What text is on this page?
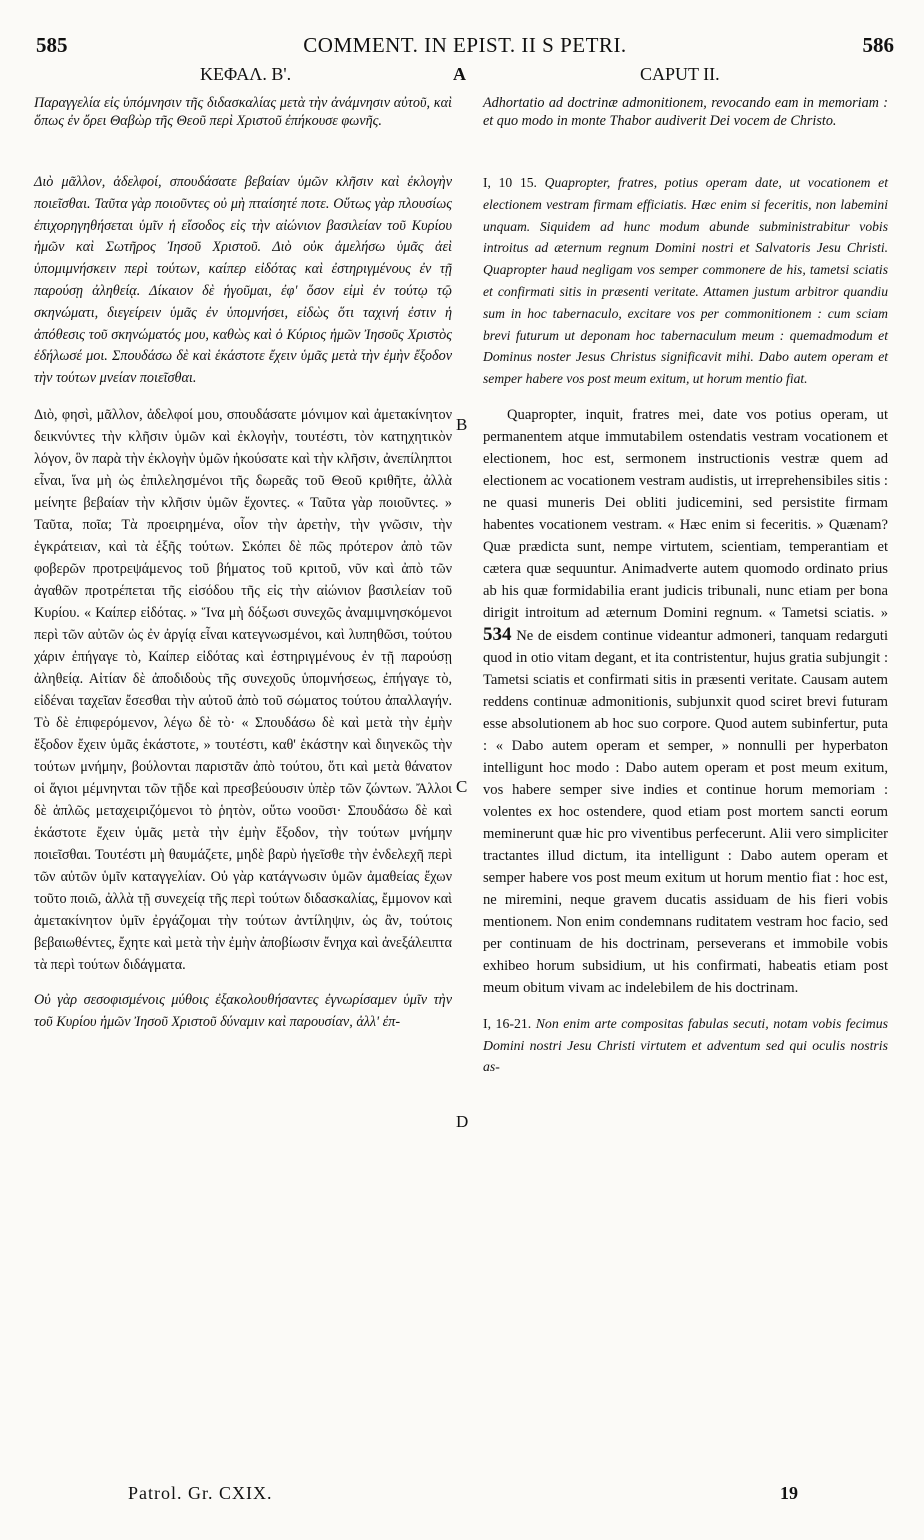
585	COMMENT. IN EPIST. II S PETRI.	586
ΚΕΦΑΛ. Β'.	A	CAPUT II.

Παραγγελία εἰς ὑπόμνησιν τῆς διδασκαλίας μετὰ τὴν ἀνάμνησιν αὐτοῦ, καὶ ὅπως ἐν ὄρει Θαβὼρ τῆς Θεοῦ περὶ Χριστοῦ ἐπήκουσε φωνῆς.

Διὸ μᾶλλον, ἀδελφοί, σπουδάσατε βεβαίαν ὑμῶν κλῆσιν καὶ ἐκλογὴν ποιεῖσθαι. Ταῦτα γὰρ ποιοῦντες οὐ μὴ πταίσητέ ποτε. Οὕτως γὰρ πλουσίως ἐπιχορηγηθήσεται ὑμῖν ἡ εἴσοδος εἰς τὴν αἰώνιον βασιλείαν τοῦ Κυρίου ἡμῶν καὶ Σωτῆρος Ἰησοῦ Χριστοῦ. Διὸ οὐκ ἀμελήσω ὑμᾶς ἀεὶ ὑπομιμνήσκειν περὶ τούτων, καίπερ εἰδότας καὶ ἐστηριγμένους ἐν τῇ παρούσῃ ἀληθείᾳ. Δίκαιον δὲ ἡγοῦμαι, ἐφ' ὅσον εἰμὶ ἐν τούτῳ τῷ σκηνώματι, διεγείρειν ὑμᾶς ἐν ὑπομνήσει, εἰδὼς ὅτι ταχινή ἐστιν ἡ ἀπόθεσις τοῦ σκηνώματός μου, καθὼς καὶ ὁ Κύριος ἡμῶν Ἰησοῦς Χριστὸς ἐδήλωσέ μοι. Σπουδάσω δὲ καὶ ἑκάστοτε ἔχειν ὑμᾶς μετὰ τὴν ἐμὴν ἔξοδον τὴν τούτων μνείαν ποιεῖσθαι.

Διὸ, φησὶ, μᾶλλον, ἀδελφοί μου, σπουδάσατε μόνιμον καὶ ἀμετακίνητον δεικνύντες τὴν κλῆσιν ὑμῶν καὶ ἐκλογὴν, τουτέστι, τὸν κατηχητικὸν λόγον, ὃν παρὰ τὴν ἐκλογὴν ὑμῶν ἠκούσατε καὶ τὴν κλῆσιν, ἀνεπίληπτοι εἶναι, ἵνα μὴ ὡς ἐπιλελησμένοι τῆς δωρεᾶς τοῦ Θεοῦ κριθῆτε, ἀλλὰ μείνητε βεβαίαν τὴν κλῆσιν ὑμῶν ἔχοντες. « Ταῦτα γὰρ ποιοῦντες. » Ταῦτα, ποῖα; Τὰ προειρημένα, οἷον τὴν ἀρετὴν, τὴν γνῶσιν, τὴν ἐγκράτειαν, καὶ τὰ ἑξῆς τούτων. Σκόπει δὲ πῶς πρότερον ἀπὸ τῶν φοβερῶν προτρεψάμενος τοῦ βήματος τοῦ κριτοῦ, νῦν καὶ ἀπὸ τῶν ἀγαθῶν προτρέπεται τῆς εἰσόδου τῆς εἰς τὴν αἰώνιον βασιλείαν τοῦ Κυρίου. « Καίπερ εἰδότας. » Ἵνα μὴ δόξωσι συνεχῶς ἀναμιμνησκόμενοι περὶ τῶν αὐτῶν ὡς ἐν ἀργίᾳ εἶναι κατεγνωσμένοι, καὶ λυπηθῶσι, τούτου χάριν ἐπήγαγε τὸ, Καίπερ εἰδότας καὶ ἐστηριγμένους ἐν τῇ παρούσῃ ἀληθείᾳ. Αἰτίαν δὲ ἀποδιδοὺς τῆς συνεχοῦς ὑπομνήσεως, ἐπήγαγε τὸ, εἰδέναι ταχεῖαν ἔσεσθαι τὴν αὐτοῦ ἀπὸ τοῦ σώματος τούτου ἀπαλλαγήν. Τὸ δὲ ἐπιφερόμενον, λέγω δὲ τὸ· « Σπουδάσω δὲ καὶ μετὰ τὴν ἐμὴν ἔξοδον ἔχειν ὑμᾶς ἑκάστοτε, » τουτέστι, καθ' ἑκάστην καὶ διηνεκῶς τὴν τούτων μνήμην, βούλονται παριστᾶν ἀπὸ τούτου, ὅτι καὶ μετὰ θάνατον οἱ ἅγιοι μέμνηνται τῶν τῇδε καὶ πρεσβεύουσιν ὑπὲρ τῶν ζώντων. Ἄλλοι δὲ ἁπλῶς μεταχειριζόμενοι τὸ ῥητὸν, οὕτω νοοῦσι· Σπουδάσω δὲ καὶ ἑκάστοτε ἔχειν ὑμᾶς μετὰ τὴν ἐμὴν ἔξοδον, τὴν τούτων μνήμην ποιεῖσθαι. Τουτέστι μὴ θαυμάζετε, μηδὲ βαρὺ ἡγεῖσθε τὴν ἐνδελεχῆ περὶ τῶν αὐτῶν ὑμῖν καταγγελίαν. Οὐ γὰρ κατάγνωσιν ὑμῶν ἀμαθείας ἔχων τοῦτο ποιῶ, ἀλλὰ τῇ συνεχείᾳ τῆς περὶ τούτων διδασκαλίας, ἔμμονον καὶ ἀμετακίνητον ὑμῖν ἐργάζομαι τὴν τούτων ἀντίληψιν, ὡς ἂν, τούτοις βεβαιωθέντες, ἔχητε καὶ μετὰ τὴν ἐμὴν ἀποβίωσιν ἔνηχα καὶ ἀνεξάλειπτα τὰ περὶ τούτων διδάγματα.

Οὐ γὰρ σεσοφισμένοις μύθοις ἐξακολουθήσαντες ἐγνωρίσαμεν ὑμῖν τὴν τοῦ Κυρίου ἡμῶν Ἰησοῦ Χριστοῦ δύναμιν καὶ παρουσίαν, ἀλλ' ἐπ-

Adhortatio ad doctrinæ admonitionem, revocando eam in memoriam : et quo modo in monte Thabor audiverit Dei vocem de Christo.

I, 10 15. Quapropter, fratres, potius operam date, ut vocationem et electionem vestram firmam efficiatis. Hæc enim si feceritis, non labemini unquam. Siquidem ad hunc modum abunde subministrabitur vobis introitus ad æternum regnum Domini nostri et Salvatoris Jesu Christi. Quapropter haud negligam vos semper commonere de his, tametsi sciatis et confirmati sitis in præsenti veritate. Attamen justum arbitror quandiu sum in hoc tabernaculo, excitare vos per commonitionem : cum sciam brevi futurum ut deponam hoc tabernaculum meum : quemadmodum et Dominus noster Jesus Christus significavit mihi. Dabo autem operam et semper habere vos post meum exitum, ut horum mentio fiat.

Quapropter, inquit, fratres mei, date vos potius operam, ut permanentem atque immutabilem ostendatis vestram vocationem et electionem, hoc est, sermonem instructionis vestræ quem ad electionem ac vocationem vestram audistis, ut irreprehensibiles sitis : ne quasi muneris Dei obliti judicemini, sed persistite firmam habentes vocationem vestram. « Hæc enim si feceritis. » Quænam? Quæ prædicta sunt, nempe virtutem, scientiam, temperantiam et cætera quæ sequuntur. Animadverte autem quomodo ordinato prius ab his quæ formidabilia erant judicis tribunali, nunc etiam per bona dirigit introitum ad æternum Domini regnum. « Tametsi sciatis. » 534 Ne de eisdem continue videantur admoneri, tanquam redarguti quod in otio vitam degant, et ita contristentur, hujus gratia subjungit : Tametsi sciatis et confirmati sitis in præsenti veritate. Causam autem reddens continuæ admonitionis, subjunxit quod sciret brevi futuram esse absolutionem ab hoc suo corpore. Quod autem subinfertur, puta : « Dabo autem operam et semper, » nonnulli per hyperbaton intelligunt hoc modo : Dabo autem operam et post meum exitum, vos habere semper sive indies et continue horum memoriam : volentes ex hoc ostendere, quod etiam post mortem sancti eorum meminerunt quæ hic pro viventibus perfecerunt. Alii vero simpliciter tractantes illud dictum, ita intelligunt : Dabo autem operam et semper habere vos post meum exitum ut horum mentio fiat : hoc est, ne miremini, neque gravem ducatis assiduam de his fieri vobis mentionem. Non enim condemnans ruditatem vestram hoc facio, sed per continuam de his doctrinam, perseverans et immobile vobis exhibeo horum subsidium, ut his confirmati, habeatis etiam post meum obitum vivam ac indelebilem de his doctrinam.

I, 16-21. Non enim arte compositas fabulas secuti, notam vobis fecimus Domini nostri Jesu Christi virtutem et adventum sed qui oculis nostris as-

B
C
D
Patrol. Gr. CXIX.	19
